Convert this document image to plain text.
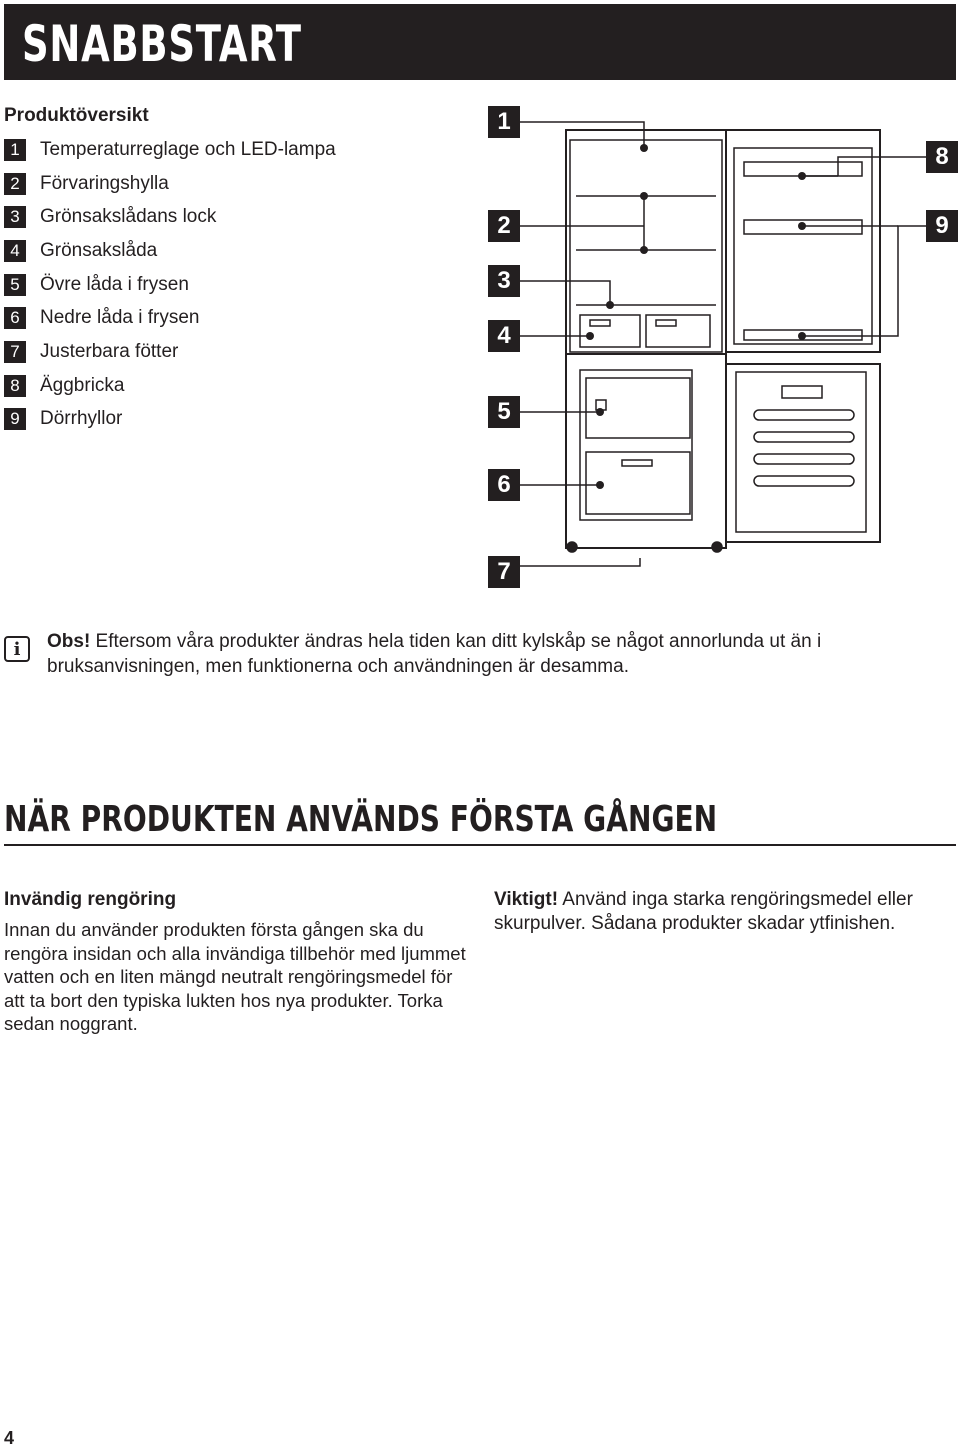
SNABBSTART
Produktöversikt
1	Temperaturreglage och LED-lampa
2	Förvaringshylla
3	Grönsakslådans lock
4	Grönsakslåda
5	Övre låda i frysen
6	Nedre låda i frysen
7	Justerbara fötter
8	Äggbricka
9	Dörrhyllor
1
2
3
4
5
6
7
8
9
i	Obs! Eftersom våra produkter ändras hela tiden kan ditt kylskåp se något annorlunda ut än i bruksanvisningen, men funktionerna och användningen är desamma.
NÄR PRODUKTEN ANVÄNDS FÖRSTA GÅNGEN

Invändig rengöring

Innan du använder produkten första gången ska du rengöra insidan och alla invändiga tillbehör med ljummet vatten och en liten mängd neutralt rengöringsmedel för att ta bort den typiska lukten hos nya produkter. Torka sedan noggrant.

Viktigt! Använd inga starka rengöringsmedel eller skurpulver. Sådana produkter skadar ytfinishen.

4
